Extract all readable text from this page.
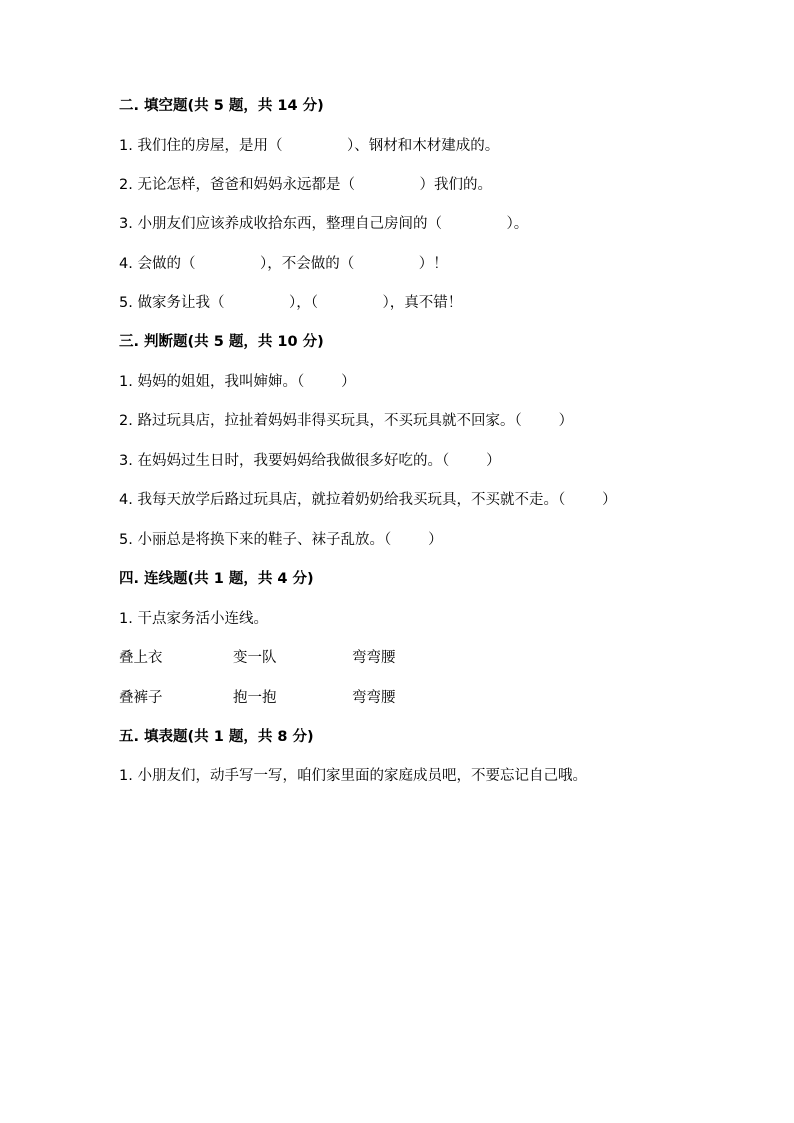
二. 填空题(共 5 题，共 14 分)
1. 我们住的房屋，是用（              ）、钢材和木材建成的。
2. 无论怎样，爸爸和妈妈永远都是（              ）我们的。
3. 小朋友们应该养成收拾东西，整理自己房间的（              ）。
4. 会做的（              ），不会做的（              ）！
5. 做家务让我（              ），（              ），真不错！
三. 判断题(共 5 题，共 10 分)
1. 妈妈的姐姐，我叫婶婶。（        ）
2. 路过玩具店，拉扯着妈妈非得买玩具，不买玩具就不回家。（        ）
3. 在妈妈过生日时，我要妈妈给我做很多好吃的。（        ）
4. 我每天放学后路过玩具店，就拉着奶奶给我买玩具，不买就不走。（        ）
5. 小丽总是将换下来的鞋子、袜子乱放。（        ）
四. 连线题(共 1 题，共 4 分)
1. 干点家务活小连线。
叠上衣	变一队	弯弯腰
叠裤子	抱一抱	弯弯腰
五. 填表题(共 1 题，共 8 分)
1. 小朋友们，动手写一写，咱们家里面的家庭成员吧，不要忘记自己哦。
